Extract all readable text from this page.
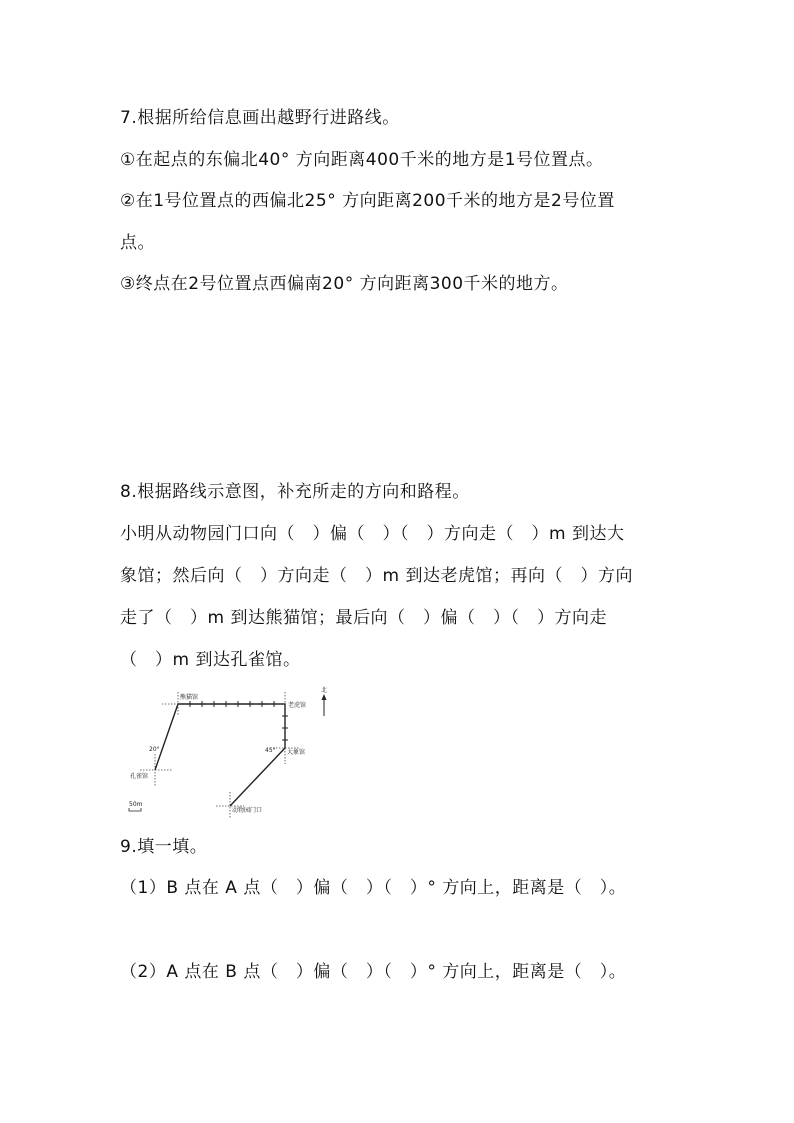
7.根据所给信息画出越野行进路线。
①在起点的东偏北40° 方向距离400千米的地方是1号位置点。
②在1号位置点的西偏北25° 方向距离200千米的地方是2号位置
点。
③终点在2号位置点西偏南20° 方向距离300千米的地方。
8.根据路线示意图，补充所走的方向和路程。
小明从动物园门口向（　）偏（　）（　）方向走（　）m 到达大
象馆；然后向（　）方向走（　）m 到达老虎馆；再向（　）方向
走了（　）m 到达熊猫馆；最后向（　）偏（　）（　）方向走
（　）m 到达孔雀馆。
北
熊猫馆
老虎馆
大象馆
45°
20°
孔雀馆
动物园门口
50m
9.填一填。
（1）B 点在 A 点（　）偏（　）（　）° 方向上，距离是（　）。
（2）A 点在 B 点（　）偏（　）（　）° 方向上，距离是（　）。
